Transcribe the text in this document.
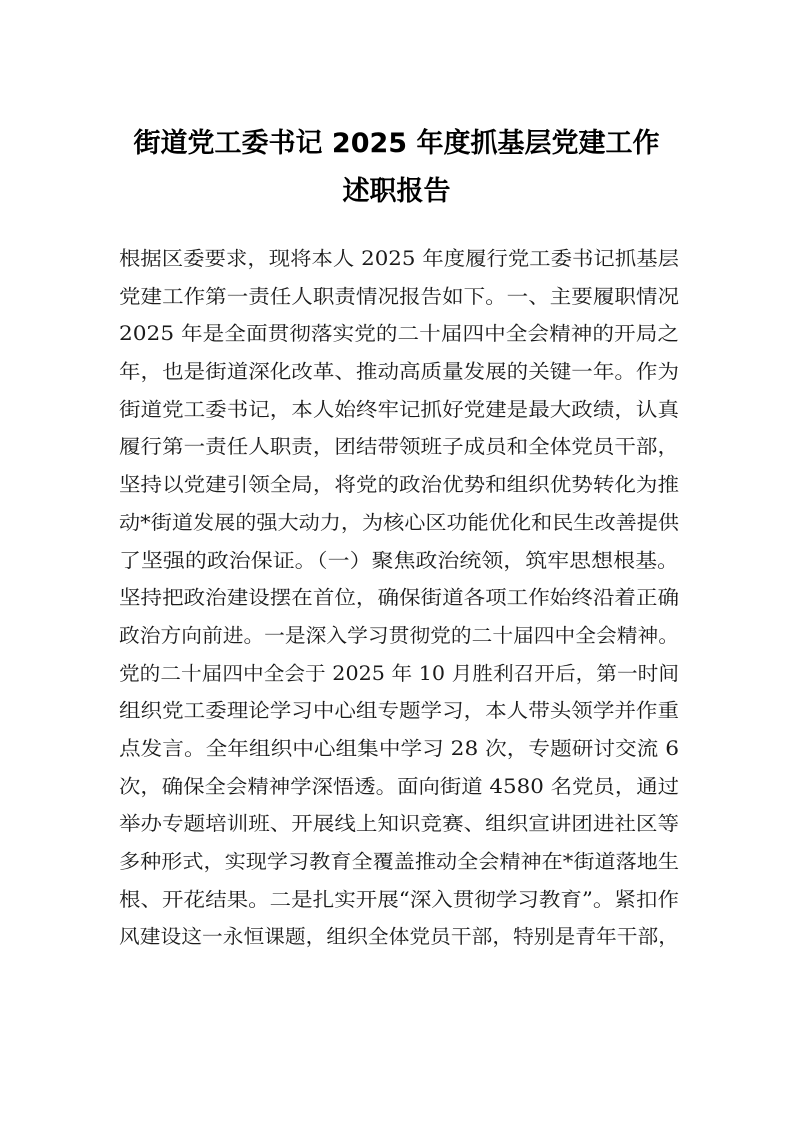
街道党工委书记 2025 年度抓基层党建工作
述职报告
根据区委要求，现将本人 2025 年度履行党工委书记抓基层
党建工作第一责任人职责情况报告如下。一、主要履职情况
2025 年是全面贯彻落实党的二十届四中全会精神的开局之
年，也是街道深化改革、推动高质量发展的关键一年。作为
街道党工委书记，本人始终牢记抓好党建是最大政绩，认真
履行第一责任人职责，团结带领班子成员和全体党员干部，
坚持以党建引领全局，将党的政治优势和组织优势转化为推
动*街道发展的强大动力，为核心区功能优化和民生改善提供
了坚强的政治保证。（一）聚焦政治统领，筑牢思想根基。
坚持把政治建设摆在首位，确保街道各项工作始终沿着正确
政治方向前进。一是深入学习贯彻党的二十届四中全会精神。
党的二十届四中全会于 2025 年 10 月胜利召开后，第一时间
组织党工委理论学习中心组专题学习，本人带头领学并作重
点发言。全年组织中心组集中学习 28 次，专题研讨交流 6
次，确保全会精神学深悟透。面向街道 4580 名党员，通过
举办专题培训班、开展线上知识竞赛、组织宣讲团进社区等
多种形式，实现学习教育全覆盖推动全会精神在*街道落地生
根、开花结果。二是扎实开展“深入贯彻学习教育”。紧扣作
风建设这一永恒课题，组织全体党员干部，特别是青年干部，
